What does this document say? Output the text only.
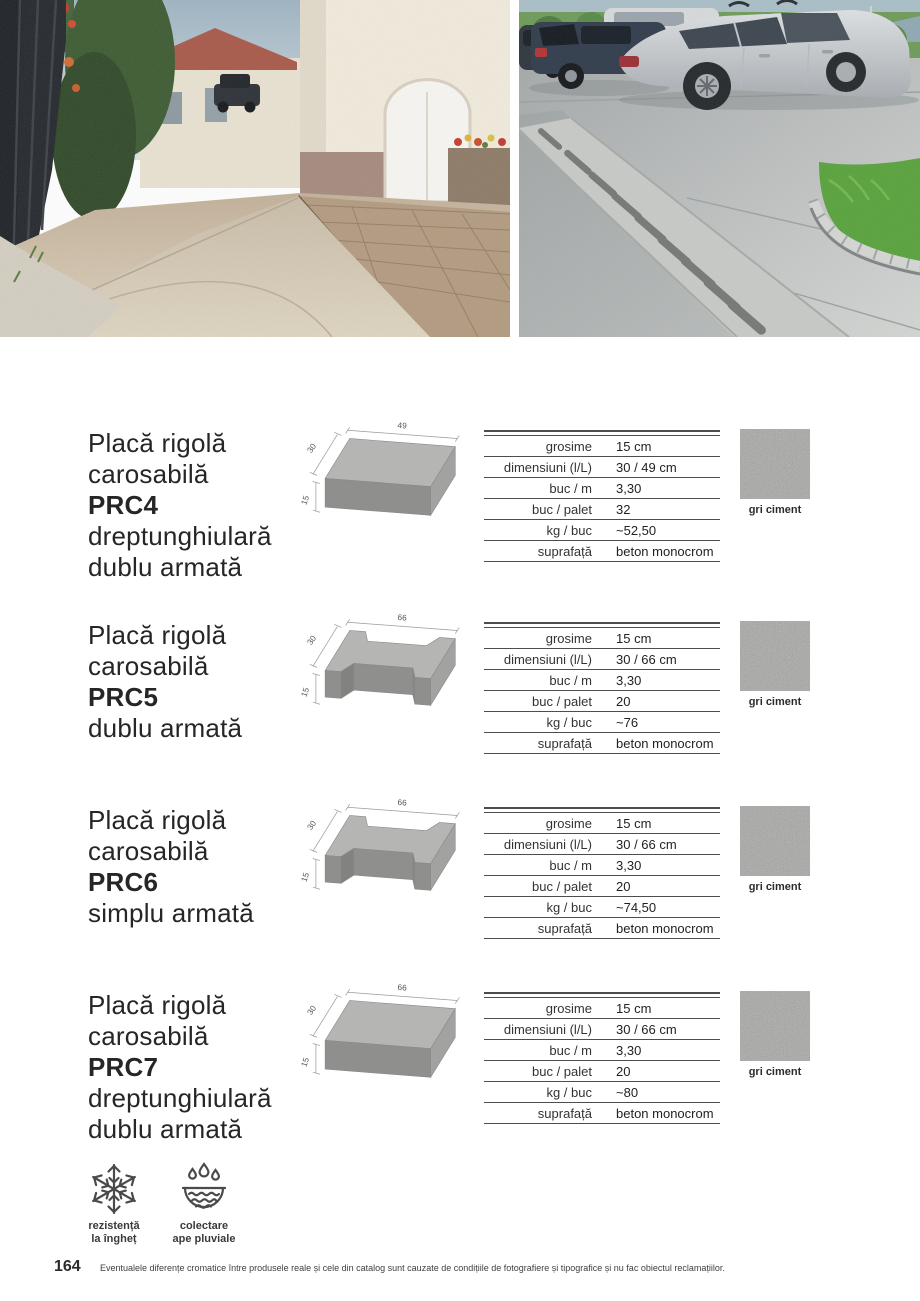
Placă rigolă
carosabilă
PRC4
dreptunghiulară
dublu armată
49
30
15
grosime	15 cm
dimensiuni (l/L)	30 / 49 cm
buc / m	3,30
buc / palet	32
kg / buc	~52,50
suprafață	beton monocrom
gri ciment
Placă rigolă
carosabilă
PRC5
dublu armată
66
30
15
grosime	15 cm
dimensiuni (l/L)	30 / 66 cm
buc / m	3,30
buc / palet	20
kg / buc	~76
suprafață	beton monocrom
gri ciment
Placă rigolă
carosabilă
PRC6
simplu armată
66
30
15
grosime	15 cm
dimensiuni (l/L)	30 / 66 cm
buc / m	3,30
buc / palet	20
kg / buc	~74,50
suprafață	beton monocrom
gri ciment
Placă rigolă
carosabilă
PRC7
dreptunghiulară
dublu armată
66
30
15
grosime	15 cm
dimensiuni (l/L)	30 / 66 cm
buc / m	3,30
buc / palet	20
kg / buc	~80
suprafață	beton monocrom
gri ciment
rezistență
la îngheț
colectare
ape pluviale
164 Eventualele diferențe cromatice între produsele reale și cele din catalog sunt cauzate de condițiile de fotografiere și tipografice și nu fac obiectul reclamațiilor.
